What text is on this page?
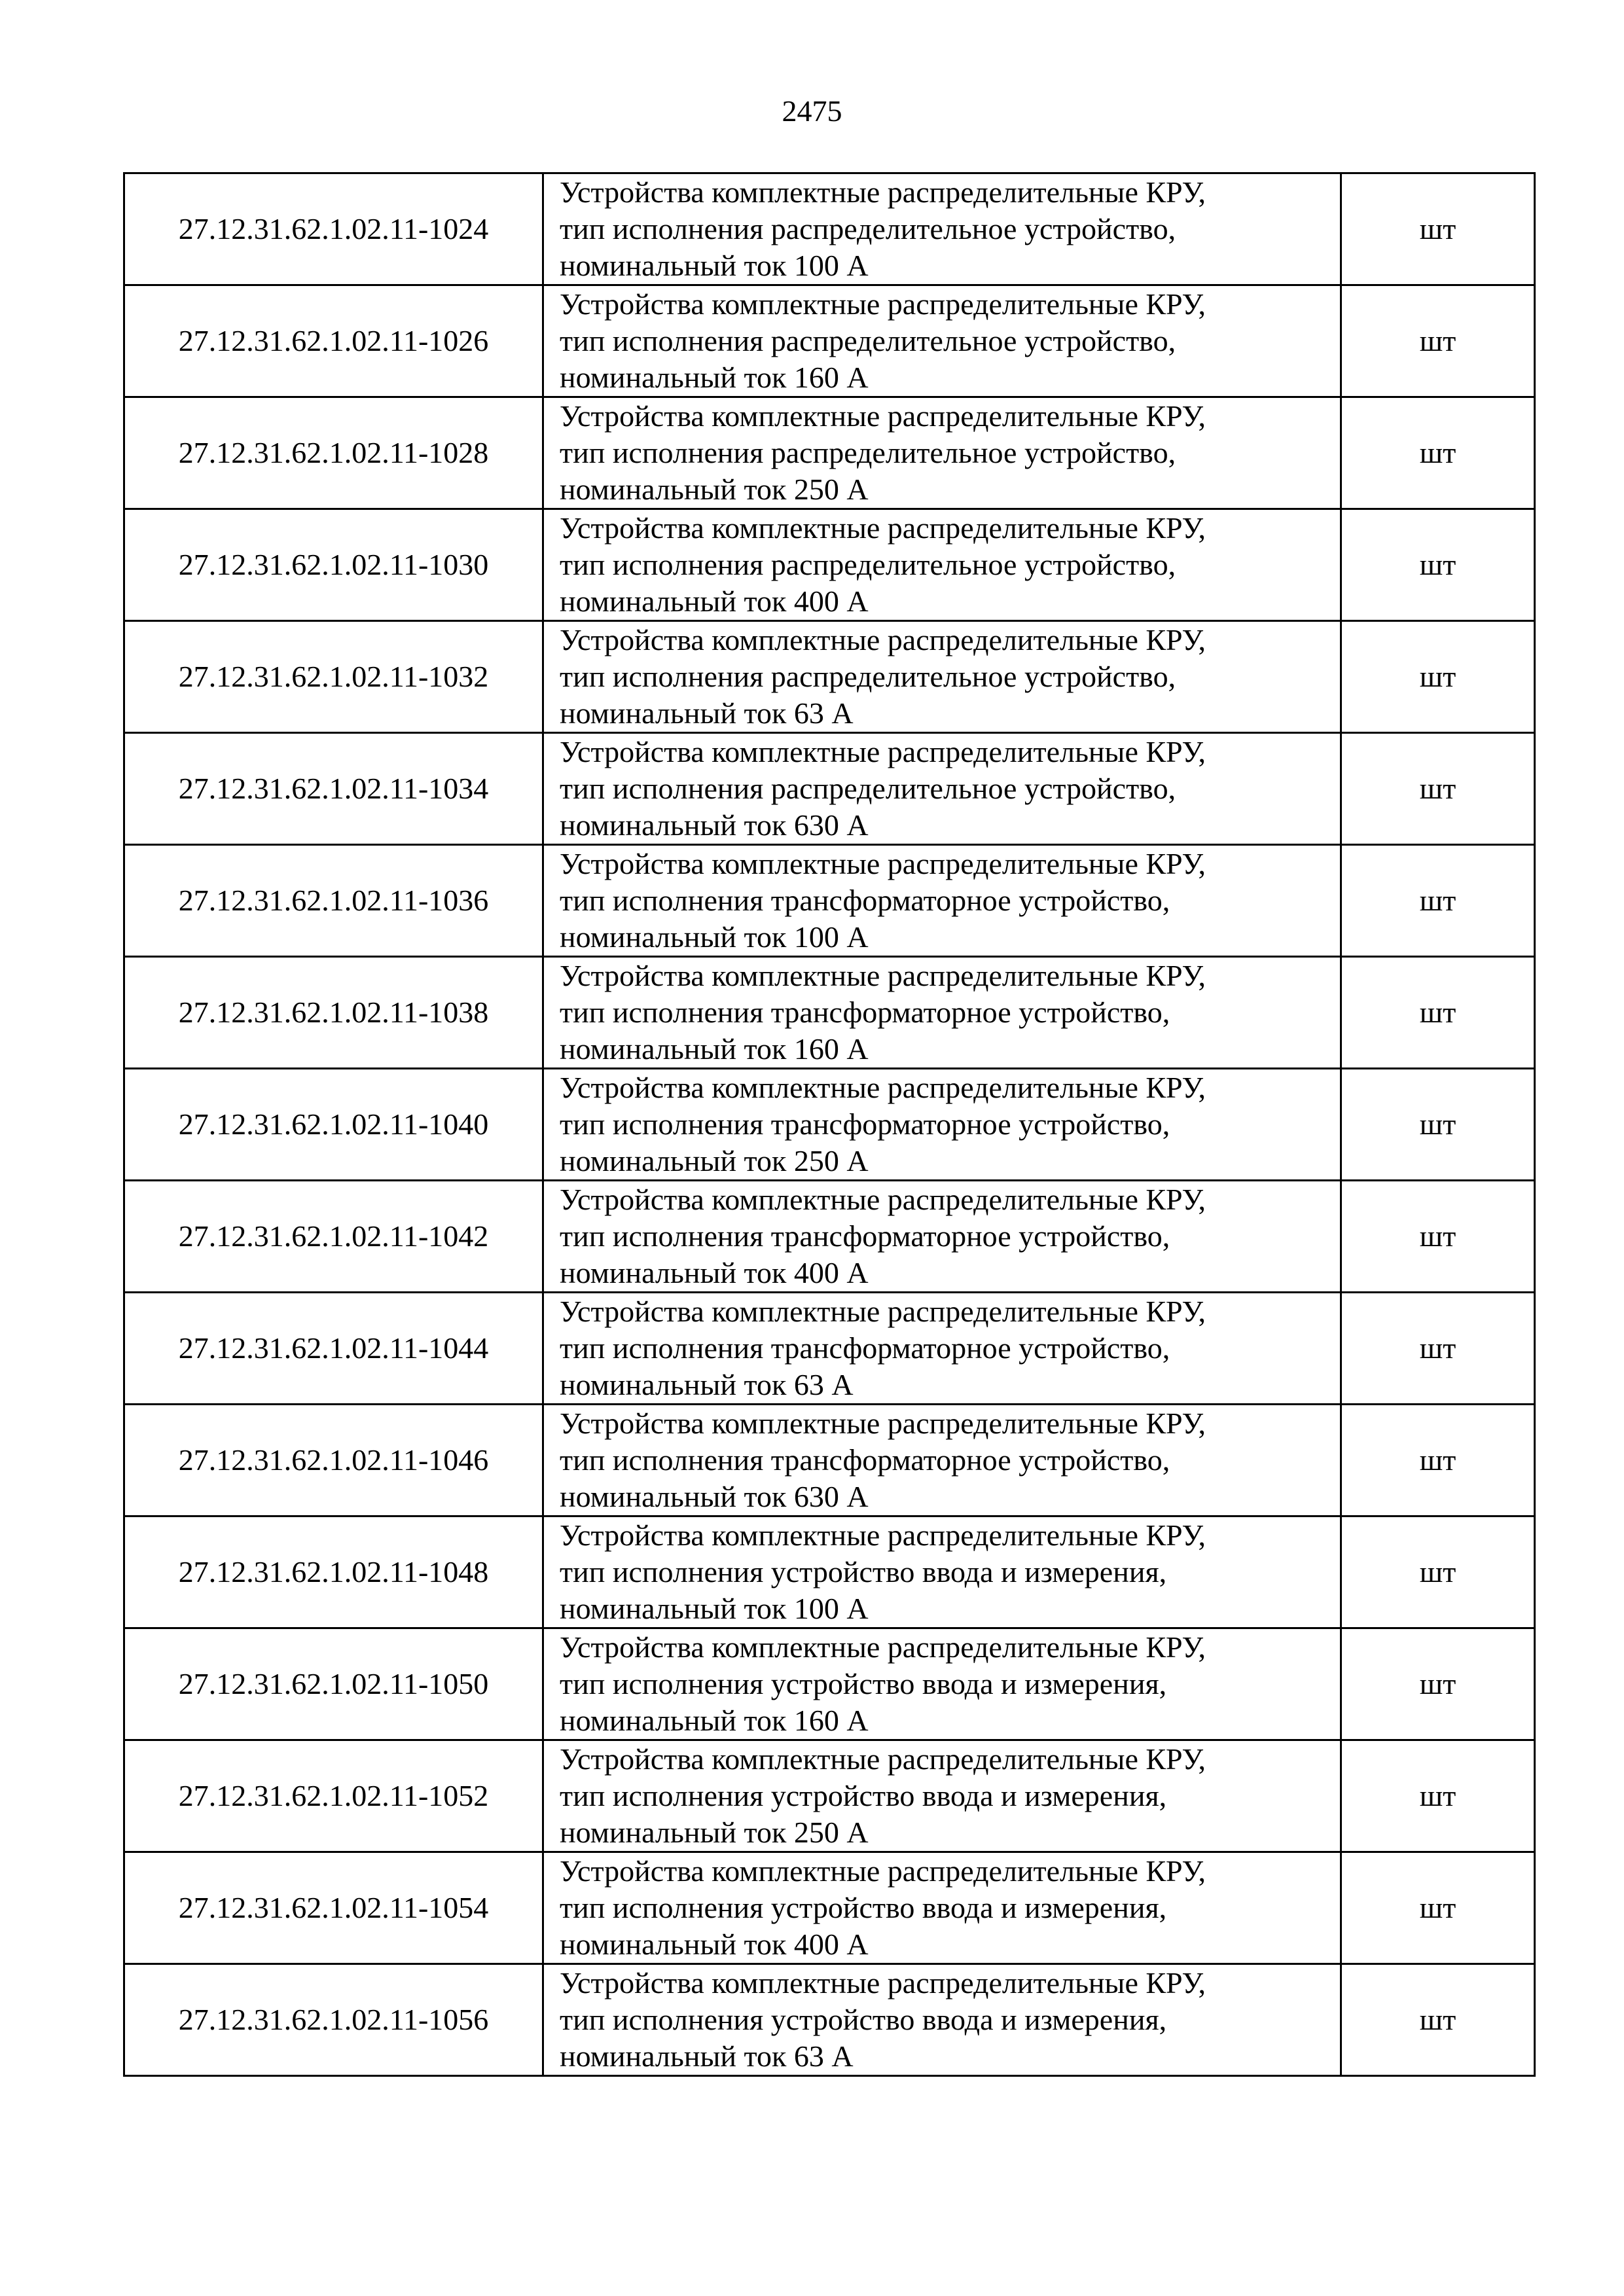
2475
27.12.31.62.1.02.11-1024	Устройства комплектные распределительные КРУ,
тип исполнения распределительное устройство,
номинальный ток 100 А	шт
27.12.31.62.1.02.11-1026	Устройства комплектные распределительные КРУ,
тип исполнения распределительное устройство,
номинальный ток 160 А	шт
27.12.31.62.1.02.11-1028	Устройства комплектные распределительные КРУ,
тип исполнения распределительное устройство,
номинальный ток 250 А	шт
27.12.31.62.1.02.11-1030	Устройства комплектные распределительные КРУ,
тип исполнения распределительное устройство,
номинальный ток 400 А	шт
27.12.31.62.1.02.11-1032	Устройства комплектные распределительные КРУ,
тип исполнения распределительное устройство,
номинальный ток 63 А	шт
27.12.31.62.1.02.11-1034	Устройства комплектные распределительные КРУ,
тип исполнения распределительное устройство,
номинальный ток 630 А	шт
27.12.31.62.1.02.11-1036	Устройства комплектные распределительные КРУ,
тип исполнения трансформаторное устройство,
номинальный ток 100 А	шт
27.12.31.62.1.02.11-1038	Устройства комплектные распределительные КРУ,
тип исполнения трансформаторное устройство,
номинальный ток 160 А	шт
27.12.31.62.1.02.11-1040	Устройства комплектные распределительные КРУ,
тип исполнения трансформаторное устройство,
номинальный ток 250 А	шт
27.12.31.62.1.02.11-1042	Устройства комплектные распределительные КРУ,
тип исполнения трансформаторное устройство,
номинальный ток 400 А	шт
27.12.31.62.1.02.11-1044	Устройства комплектные распределительные КРУ,
тип исполнения трансформаторное устройство,
номинальный ток 63 А	шт
27.12.31.62.1.02.11-1046	Устройства комплектные распределительные КРУ,
тип исполнения трансформаторное устройство,
номинальный ток 630 А	шт
27.12.31.62.1.02.11-1048	Устройства комплектные распределительные КРУ,
тип исполнения устройство ввода и измерения,
номинальный ток 100 А	шт
27.12.31.62.1.02.11-1050	Устройства комплектные распределительные КРУ,
тип исполнения устройство ввода и измерения,
номинальный ток 160 А	шт
27.12.31.62.1.02.11-1052	Устройства комплектные распределительные КРУ,
тип исполнения устройство ввода и измерения,
номинальный ток 250 А	шт
27.12.31.62.1.02.11-1054	Устройства комплектные распределительные КРУ,
тип исполнения устройство ввода и измерения,
номинальный ток 400 А	шт
27.12.31.62.1.02.11-1056	Устройства комплектные распределительные КРУ,
тип исполнения устройство ввода и измерения,
номинальный ток 63 А	шт
